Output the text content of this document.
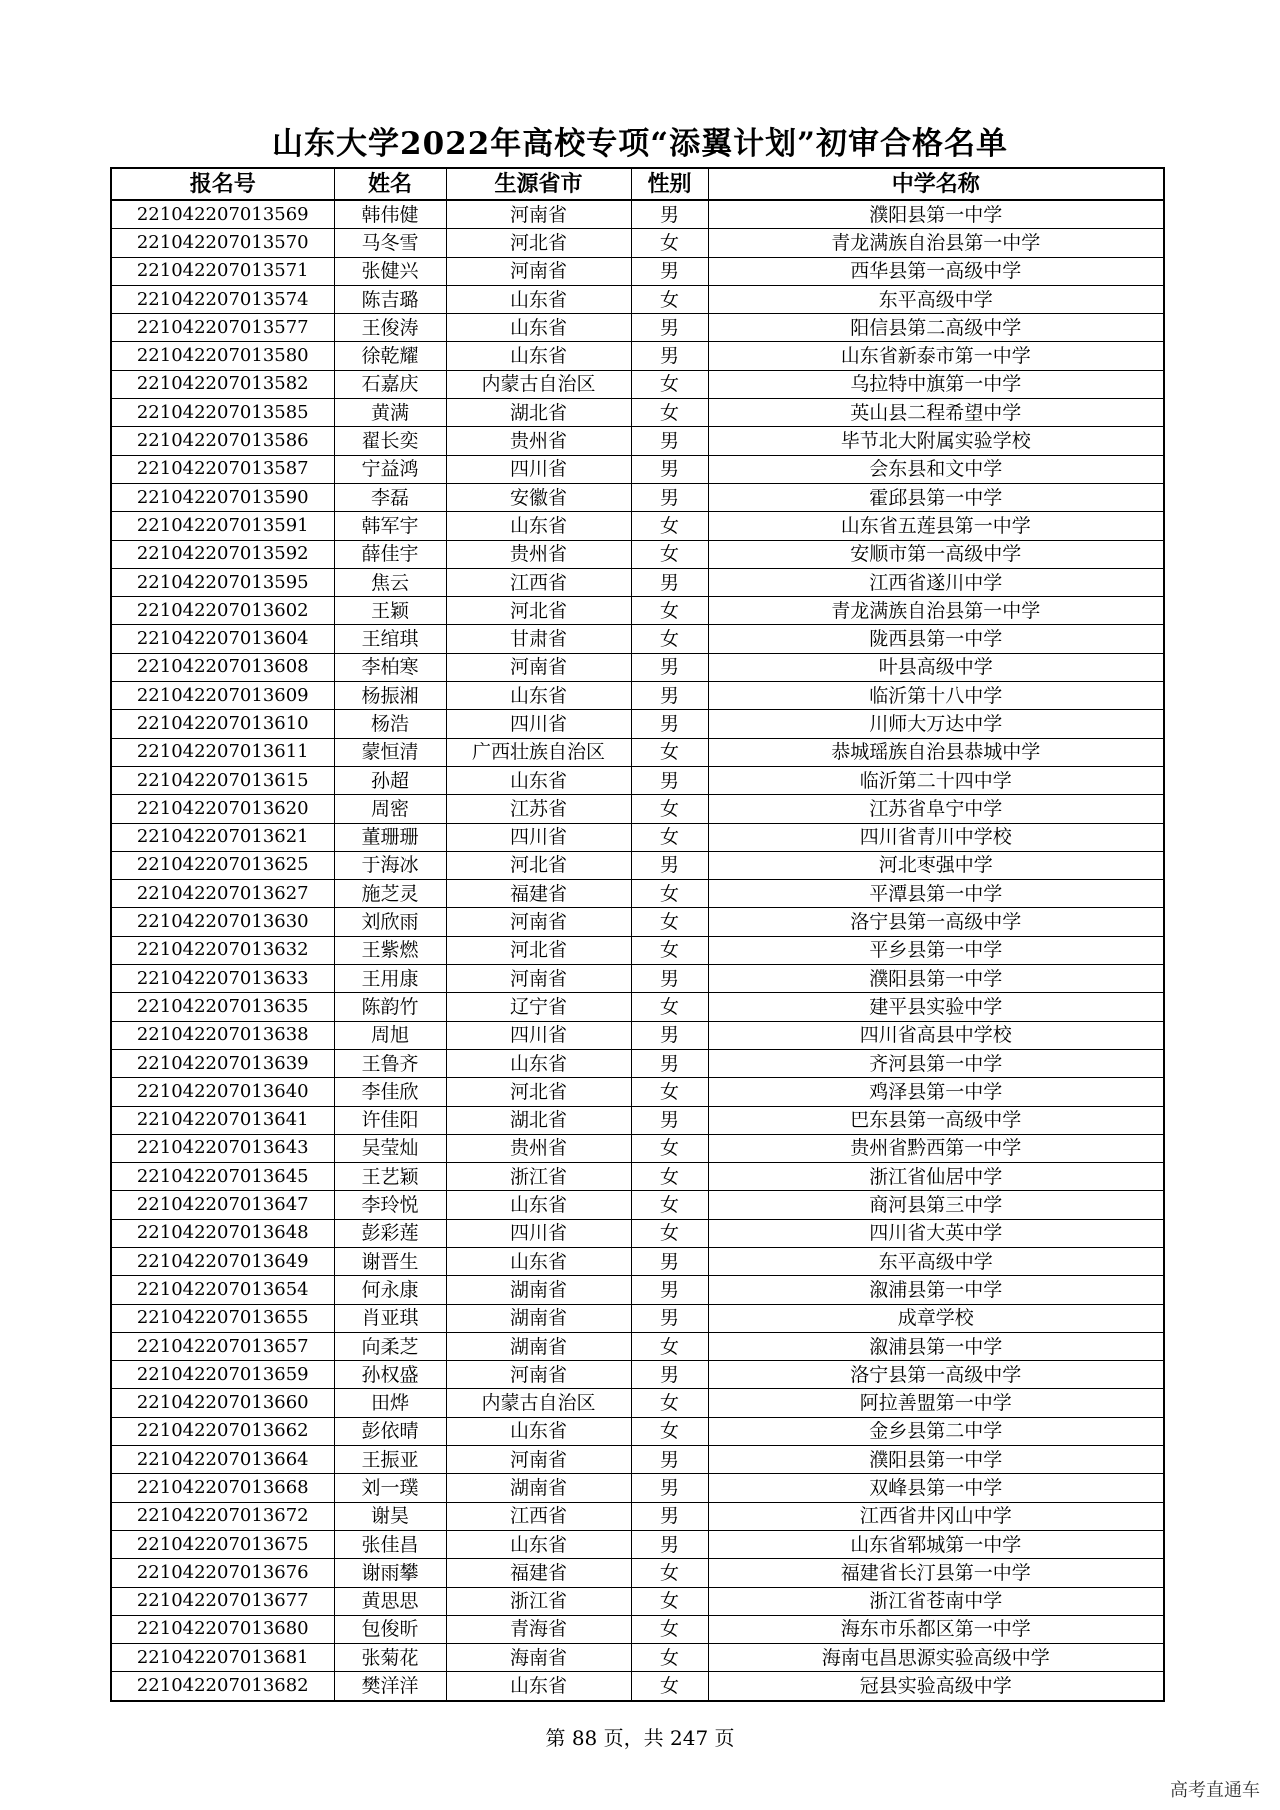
山东大学2022年高校专项“添翼计划”初审合格名单
报名号	姓名	生源省市	性别	中学名称
221042207013569	韩伟健	河南省	男	濮阳县第一中学
221042207013570	马冬雪	河北省	女	青龙满族自治县第一中学
221042207013571	张健兴	河南省	男	西华县第一高级中学
221042207013574	陈吉璐	山东省	女	东平高级中学
221042207013577	王俊涛	山东省	男	阳信县第二高级中学
221042207013580	徐乾耀	山东省	男	山东省新泰市第一中学
221042207013582	石嘉庆	内蒙古自治区	女	乌拉特中旗第一中学
221042207013585	黄满	湖北省	女	英山县二程希望中学
221042207013586	翟长奕	贵州省	男	毕节北大附属实验学校
221042207013587	宁益鸿	四川省	男	会东县和文中学
221042207013590	李磊	安徽省	男	霍邱县第一中学
221042207013591	韩军宇	山东省	女	山东省五莲县第一中学
221042207013592	薛佳宇	贵州省	女	安顺市第一高级中学
221042207013595	焦云	江西省	男	江西省遂川中学
221042207013602	王颖	河北省	女	青龙满族自治县第一中学
221042207013604	王绾琪	甘肃省	女	陇西县第一中学
221042207013608	李柏寒	河南省	男	叶县高级中学
221042207013609	杨振湘	山东省	男	临沂第十八中学
221042207013610	杨浩	四川省	男	川师大万达中学
221042207013611	蒙恒清	广西壮族自治区	女	恭城瑶族自治县恭城中学
221042207013615	孙超	山东省	男	临沂第二十四中学
221042207013620	周密	江苏省	女	江苏省阜宁中学
221042207013621	董珊珊	四川省	女	四川省青川中学校
221042207013625	于海冰	河北省	男	河北枣强中学
221042207013627	施芝灵	福建省	女	平潭县第一中学
221042207013630	刘欣雨	河南省	女	洛宁县第一高级中学
221042207013632	王紫燃	河北省	女	平乡县第一中学
221042207013633	王用康	河南省	男	濮阳县第一中学
221042207013635	陈韵竹	辽宁省	女	建平县实验中学
221042207013638	周旭	四川省	男	四川省高县中学校
221042207013639	王鲁齐	山东省	男	齐河县第一中学
221042207013640	李佳欣	河北省	女	鸡泽县第一中学
221042207013641	许佳阳	湖北省	男	巴东县第一高级中学
221042207013643	吴莹灿	贵州省	女	贵州省黔西第一中学
221042207013645	王艺颖	浙江省	女	浙江省仙居中学
221042207013647	李玲悦	山东省	女	商河县第三中学
221042207013648	彭彩莲	四川省	女	四川省大英中学
221042207013649	谢晋生	山东省	男	东平高级中学
221042207013654	何永康	湖南省	男	溆浦县第一中学
221042207013655	肖亚琪	湖南省	男	成章学校
221042207013657	向柔芝	湖南省	女	溆浦县第一中学
221042207013659	孙权盛	河南省	男	洛宁县第一高级中学
221042207013660	田烨	内蒙古自治区	女	阿拉善盟第一中学
221042207013662	彭依晴	山东省	女	金乡县第二中学
221042207013664	王振亚	河南省	男	濮阳县第一中学
221042207013668	刘一璞	湖南省	男	双峰县第一中学
221042207013672	谢昊	江西省	男	江西省井冈山中学
221042207013675	张佳昌	山东省	男	山东省郓城第一中学
221042207013676	谢雨攀	福建省	女	福建省长汀县第一中学
221042207013677	黄思思	浙江省	女	浙江省苍南中学
221042207013680	包俊昕	青海省	女	海东市乐都区第一中学
221042207013681	张菊花	海南省	女	海南屯昌思源实验高级中学
221042207013682	樊洋洋	山东省	女	冠县实验高级中学
第 88 页，共 247 页
高考直通车
